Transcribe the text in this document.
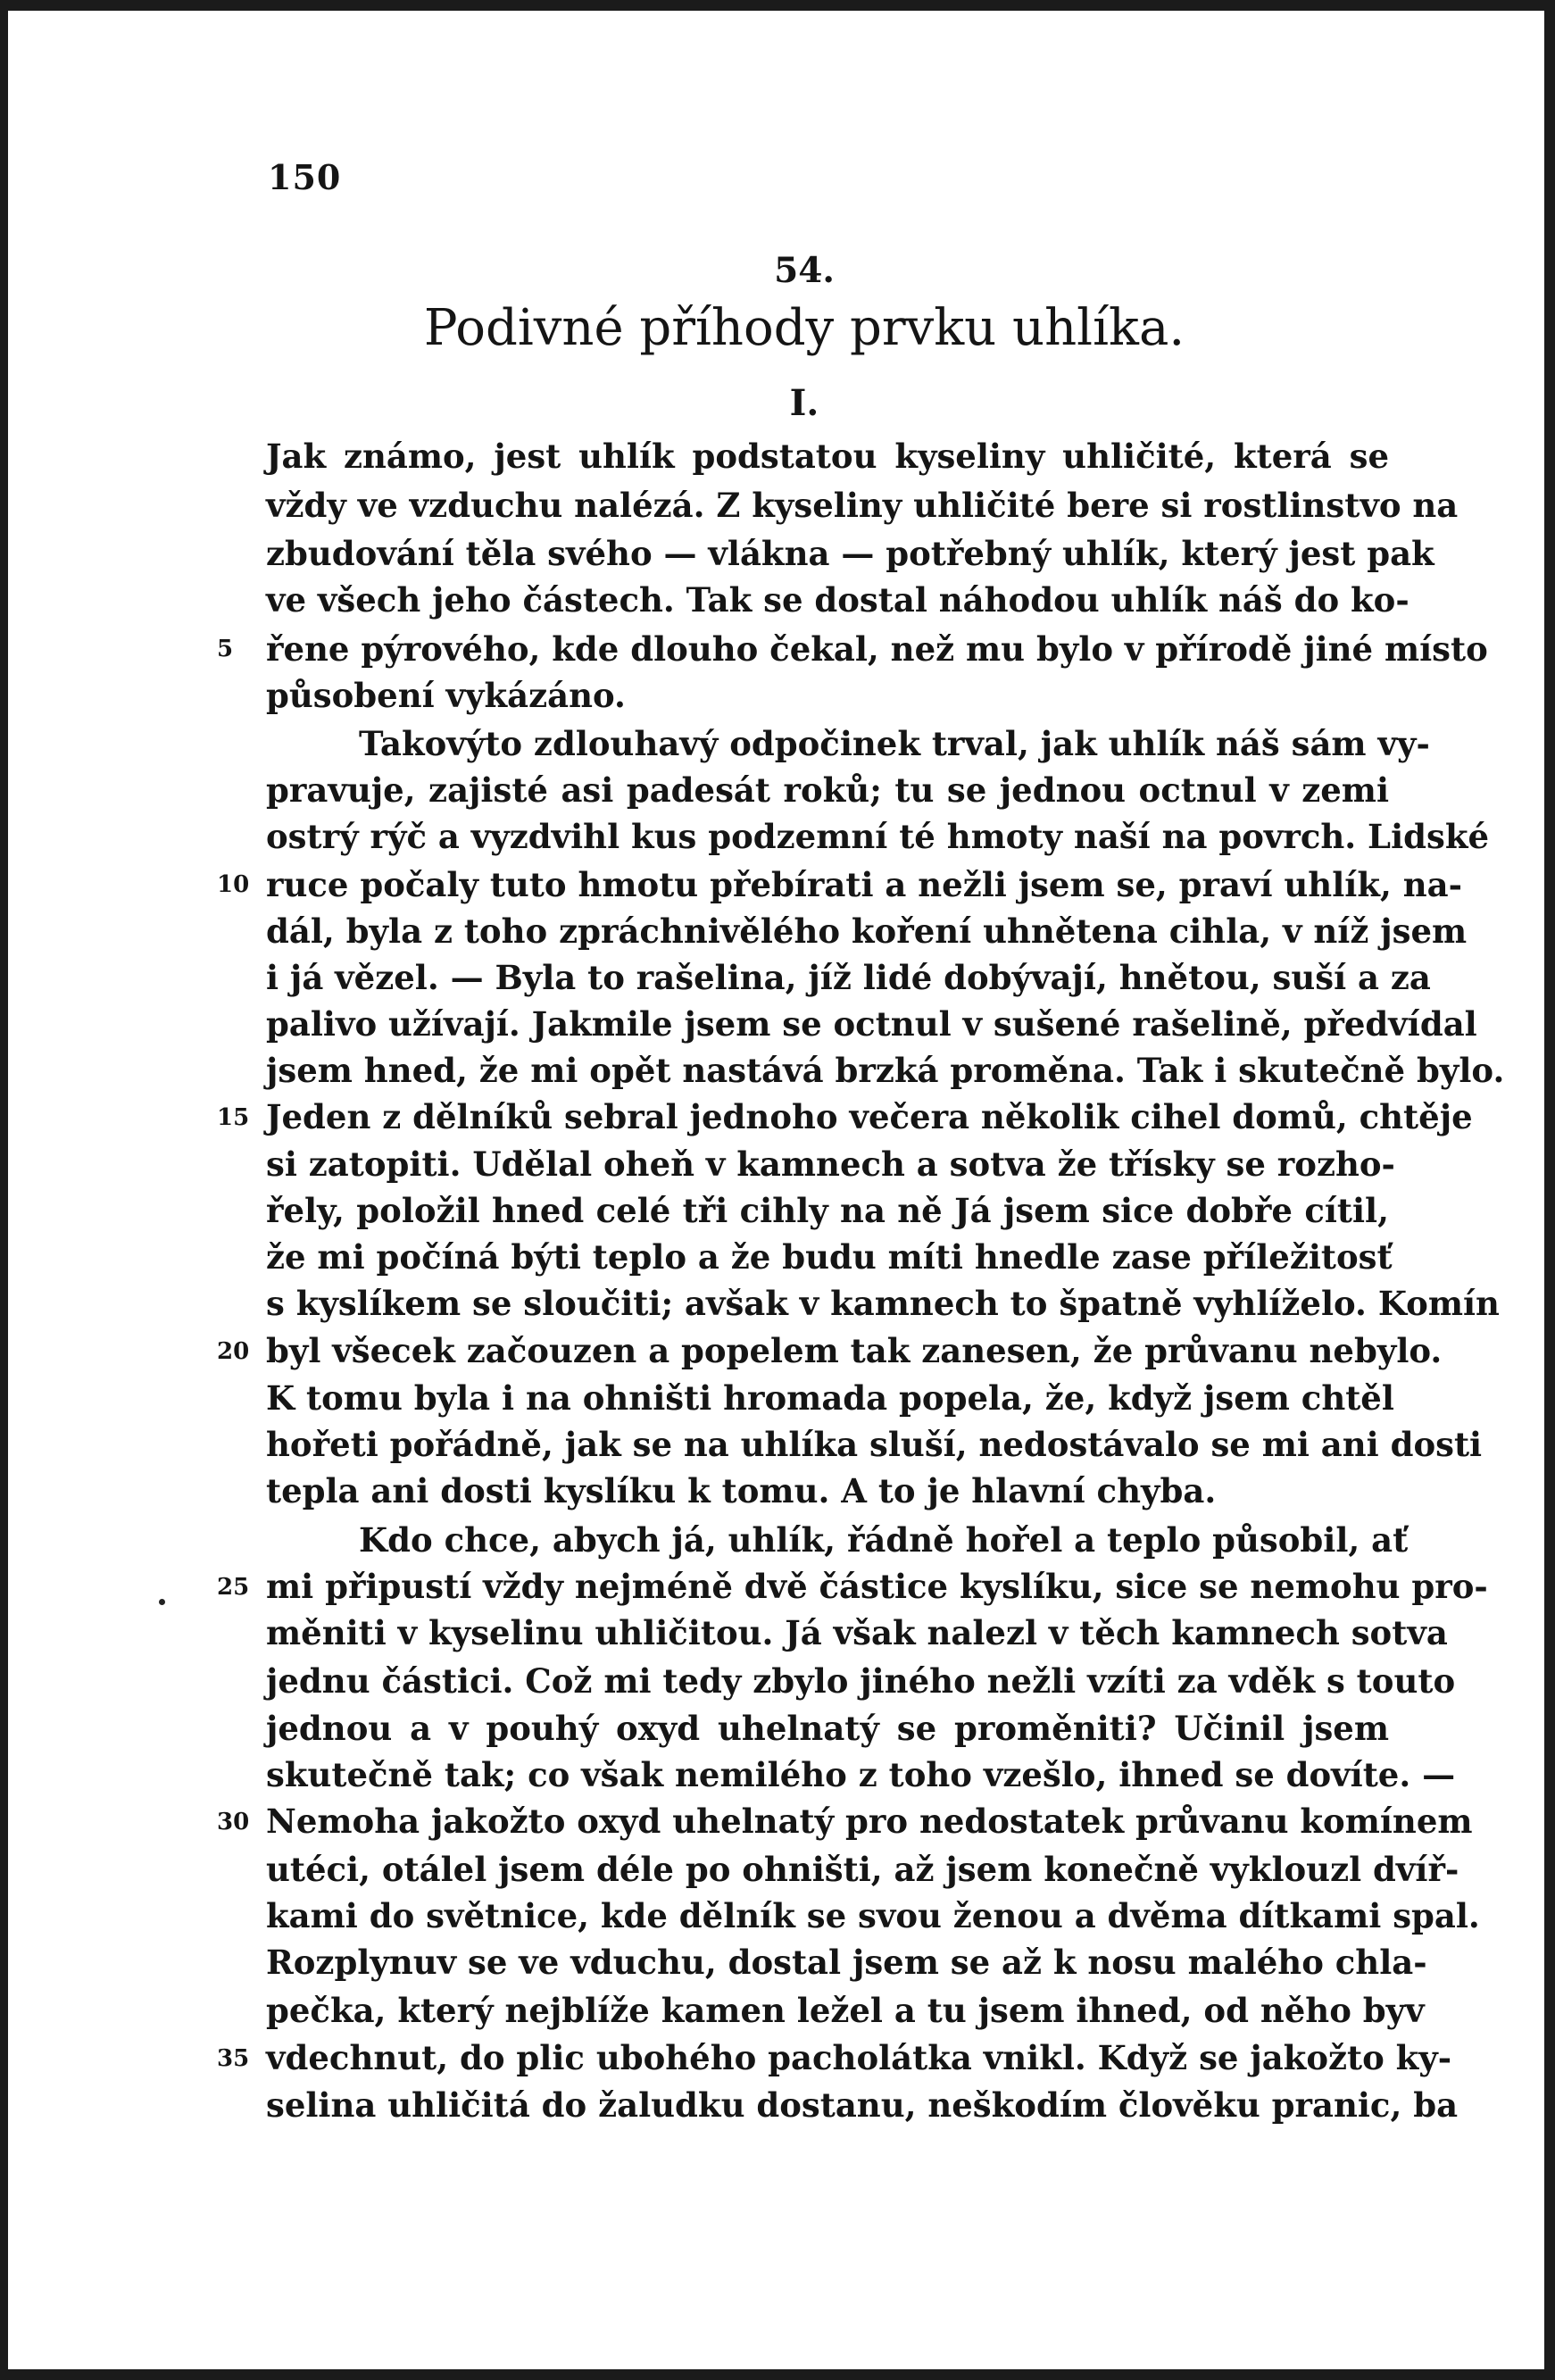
150
54.
Podivné příhody prvku uhlíka.
I.
Jak známo, jest uhlík podstatou kyseliny uhličité, která se
vždy ve vzduchu nalézá. Z kyseliny uhličité bere si rostlinstvo na
zbudování těla svého — vlákna — potřebný uhlík, který jest pak
ve všech jeho částech. Tak se dostal náhodou uhlík náš do ko-
řene pýrového, kde dlouho čekal, než mu bylo v přírodě jiné místo
působení vykázáno.
Takovýto zdlouhavý odpočinek trval, jak uhlík náš sám vy-
pravuje, zajisté asi padesát roků; tu se jednou octnul v zemi
ostrý rýč a vyzdvihl kus podzemní té hmoty naší na povrch. Lidské
ruce počaly tuto hmotu přebírati a nežli jsem se, praví uhlík, na-
dál, byla z toho zpráchnivělého koření uhnětena cihla, v níž jsem
i já vězel. — Byla to rašelina, jíž lidé dobývají, hnětou, suší a za
palivo užívají. Jakmile jsem se octnul v sušené rašelině, předvídal
jsem hned, že mi opět nastává brzká proměna. Tak i skutečně bylo.
Jeden z dělníků sebral jednoho večera několik cihel domů, chtěje
si zatopiti. Udělal oheň v kamnech a sotva že třísky se rozho-
řely, položil hned celé tři cihly na ně Já jsem sice dobře cítil,
že mi počíná býti teplo a že budu míti hnedle zase příležitosť
s kyslíkem se sloučiti; avšak v kamnech to špatně vyhlíželo. Komín
byl všecek začouzen a popelem tak zanesen, že průvanu nebylo.
K tomu byla i na ohništi hromada popela, že, když jsem chtěl
hořeti pořádně, jak se na uhlíka sluší, nedostávalo se mi ani dosti
tepla ani dosti kyslíku k tomu. A to je hlavní chyba.
Kdo chce, abych já, uhlík, řádně hořel a teplo působil, ať
mi připustí vždy nejméně dvě částice kyslíku, sice se nemohu pro-
měniti v kyselinu uhličitou. Já však nalezl v těch kamnech sotva
jednu částici. Což mi tedy zbylo jiného nežli vzíti za vděk s touto
jednou a v pouhý oxyd uhelnatý se proměniti? Učinil jsem
skutečně tak; co však nemilého z toho vzešlo, ihned se dovíte. —
Nemoha jakožto oxyd uhelnatý pro nedostatek průvanu komínem
utéci, otálel jsem déle po ohništi, až jsem konečně vyklouzl dvíř-
kami do světnice, kde dělník se svou ženou a dvěma dítkami spal.
Rozplynuv se ve vduchu, dostal jsem se až k nosu malého chla-
pečka, který nejblíže kamen ležel a tu jsem ihned, od něho byv
vdechnut, do plic ubohého pacholátka vnikl. Když se jakožto ky-
selina uhličitá do žaludku dostanu, neškodím člověku pranic, ba
5
10
15
20
25
30
35
